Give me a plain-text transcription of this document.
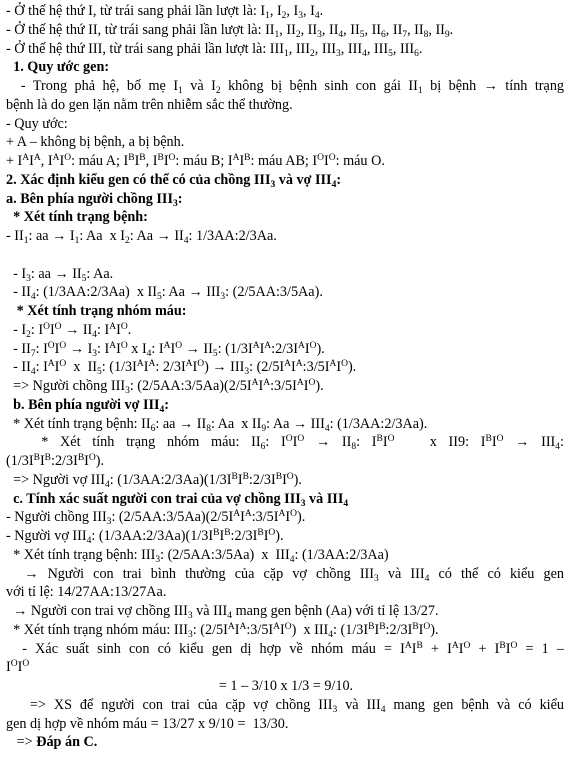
- Ở thế hệ thứ I, từ trái sang phải lần lượt là: $I_1$, $I_2$, $I_3$, $I_4$.
- Ở thế hệ thứ II, từ trái sang phải lần lượt là: $II_1$, $II_2$, $II_3$, $II_4$, $II_5$, $II_6$, $II_7$, $II_8$, $II_9$.
- Ở thế hệ thứ III, từ trái sang phải lần lượt là: $III_1$, $III_2$, $III_3$, $III_4$, $III_5$, $III_6$.
1. Quy ước gen:
- Trong phả hệ, bố mẹ $I_1$ và $I_2$ không bị bệnh sinh con gái $II_1$ bị bệnh → tính trạng
bệnh là do gen lặn nằm trên nhiễm sắc thể thường.
- Quy ước:
+ A – không bị bệnh, a bị bệnh.
+ $I^AI^A$, $I^AI^O$: máu A; $I^BI^B$, $I^BI^O$: máu B; $I^AI^B$: máu AB; $I^OI^O$: máu O.
2. Xác định kiểu gen có thể có của chồng $III_3$ và vợ $III_4$:
a. Bên phía người chồng $III_3$:
* Xét tính trạng bệnh:
- $II_1$: aa → $I_1$: Aa  x $I_2$: $Aa \to II_4$: 1/3AA:2/3Aa.
- $I_3$: aa → $II_5$: Aa.
- $II_4$: (1/3AA:2/3Aa)  x $II_5$: $Aa \to III_3$: (2/5AA:3/5Aa).
* Xét tính trạng nhóm máu:
- $I_2$: $I^OI^O \to II_4$: $I^AI^O$.
- $II_7$: $I^OI^O \to I_3$: $I^AI^O$ x $I_4$: $I^AI^O \to II_5$: $(1/3I^AI^A:2/3I^AI^O)$.
- $II_4$: $I^AI^O$  x  $II_5$: ($1/3I^AI^A$: $2/3I^AI^O) \to III_3$: $(2/5I^AI^A:3/5I^AI^O)$.
=> Người chồng $III_3$: $(2/5AA:3/5Aa)(2/5I^AI^A:3/5I^AI^O)$.
b. Bên phía người vợ $III_4$:
* Xét tính trạng bệnh: $II_6$: aa → $II_8$: Aa  x $II_9$: $Aa \to III_4$: (1/3AA:2/3Aa).
* Xét tính trạng nhóm máu: $II_6$: $I^OI^O \to II_8$: $I^BI^O$   x II9: $I^BI^O \to III_4$:
$(1/3I^BI^B:2/3I^BI^O)$.
=> Người vợ $III_4$: $(1/3AA:2/3Aa)(1/3I^BI^B:2/3I^BI^O)$.
c. Tính xác suất người con trai của vợ chồng $III_3$ và $III_4$
- Người chồng $III_3$: $(2/5AA:3/5Aa)(2/5I^AI^A:3/5I^AI^O)$.
- Người vợ $III_4$: $(1/3AA:2/3Aa)(1/3I^BI^B:2/3I^BI^O)$.
* Xét tính trạng bệnh: $III_3$: (2/5AA:3/5Aa)  x  $III_4$: (1/3AA:2/3Aa)
→ Người con trai bình thường của cặp vợ chồng $III_3$ và $III_4$ có thể có kiểu gen
với tỉ lệ: 14/27AA:13/27Aa.
→ Người con trai vợ chồng $III_3$ và $III_4$ mang gen bệnh (Aa) với tỉ lệ 13/27.
* Xét tính trạng nhóm máu: $III_3$: $(2/5I^AI^A:3/5I^AI^O)$  x $III_4$: $(1/3I^BI^B:2/3I^BI^O)$.
- Xác suất sinh con có kiểu gen dị hợp về nhóm máu = $I^AI^B + I^AI^O + I^BI^O = 1$ –
$I^OI^O$
= 1 – 3/10 x 1/3 = 9/10.
=> XS để người con trai của cặp vợ chồng $III_3$ và $III_4$ mang gen bệnh và có kiểu
gen dị hợp về nhóm máu = 13/27 x 9/10 =  13/30.
=> Đáp án C.
